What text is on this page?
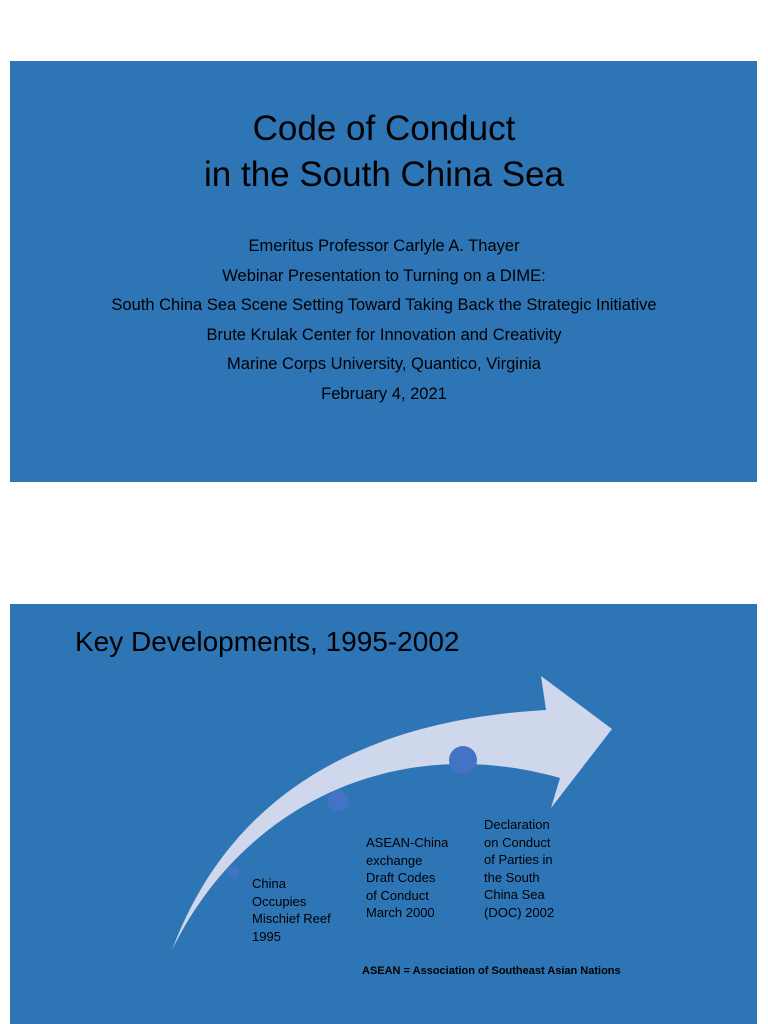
Code of Conduct
in the South China Sea
Emeritus Professor Carlyle A. Thayer
Webinar Presentation to Turning on a DIME:
South China Sea Scene Setting Toward Taking Back the Strategic Initiative
Brute Krulak Center for Innovation and Creativity
Marine Corps University, Quantico, Virginia
February 4, 2021
Key Developments, 1995-2002
China
Occupies
Mischief Reef
1995
ASEAN-China
exchange
Draft Codes
of Conduct
March 2000
Declaration
on Conduct
of Parties in
the South
China Sea
(DOC) 2002
ASEAN = Association of Southeast Asian Nations
